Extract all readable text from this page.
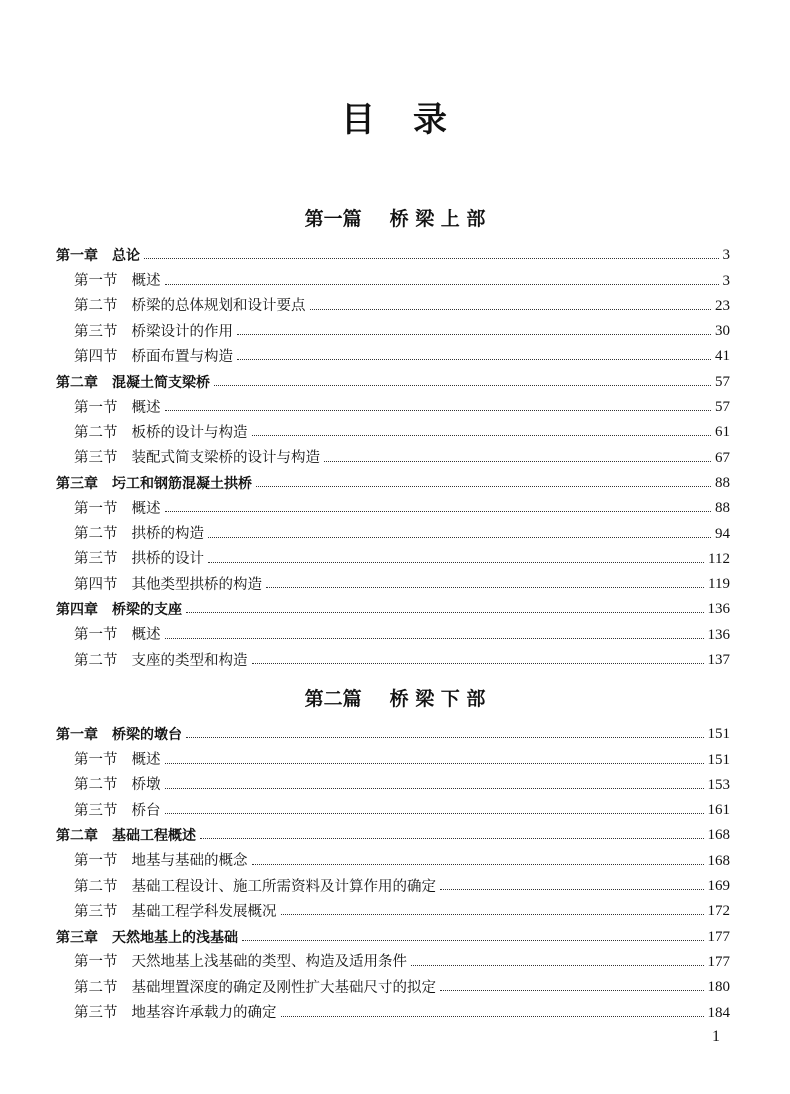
目　录
第一篇 桥 梁 上 部
第一章 总论	3
第一节 概述	3
第二节 桥梁的总体规划和设计要点	23
第三节 桥梁设计的作用	30
第四节 桥面布置与构造	41
第二章 混凝土简支梁桥	57
第一节 概述	57
第二节 板桥的设计与构造	61
第三节 装配式简支梁桥的设计与构造	67
第三章 圬工和钢筋混凝土拱桥	88
第一节 概述	88
第二节 拱桥的构造	94
第三节 拱桥的设计	112
第四节 其他类型拱桥的构造	119
第四章 桥梁的支座	136
第一节 概述	136
第二节 支座的类型和构造	137
第二篇 桥 梁 下 部
第一章 桥梁的墩台	151
第一节 概述	151
第二节 桥墩	153
第三节 桥台	161
第二章 基础工程概述	168
第一节 地基与基础的概念	168
第二节 基础工程设计、施工所需资料及计算作用的确定	169
第三节 基础工程学科发展概况	172
第三章 天然地基上的浅基础	177
第一节 天然地基上浅基础的类型、构造及适用条件	177
第二节 基础埋置深度的确定及刚性扩大基础尺寸的拟定	180
第三节 地基容许承载力的确定	184
1
